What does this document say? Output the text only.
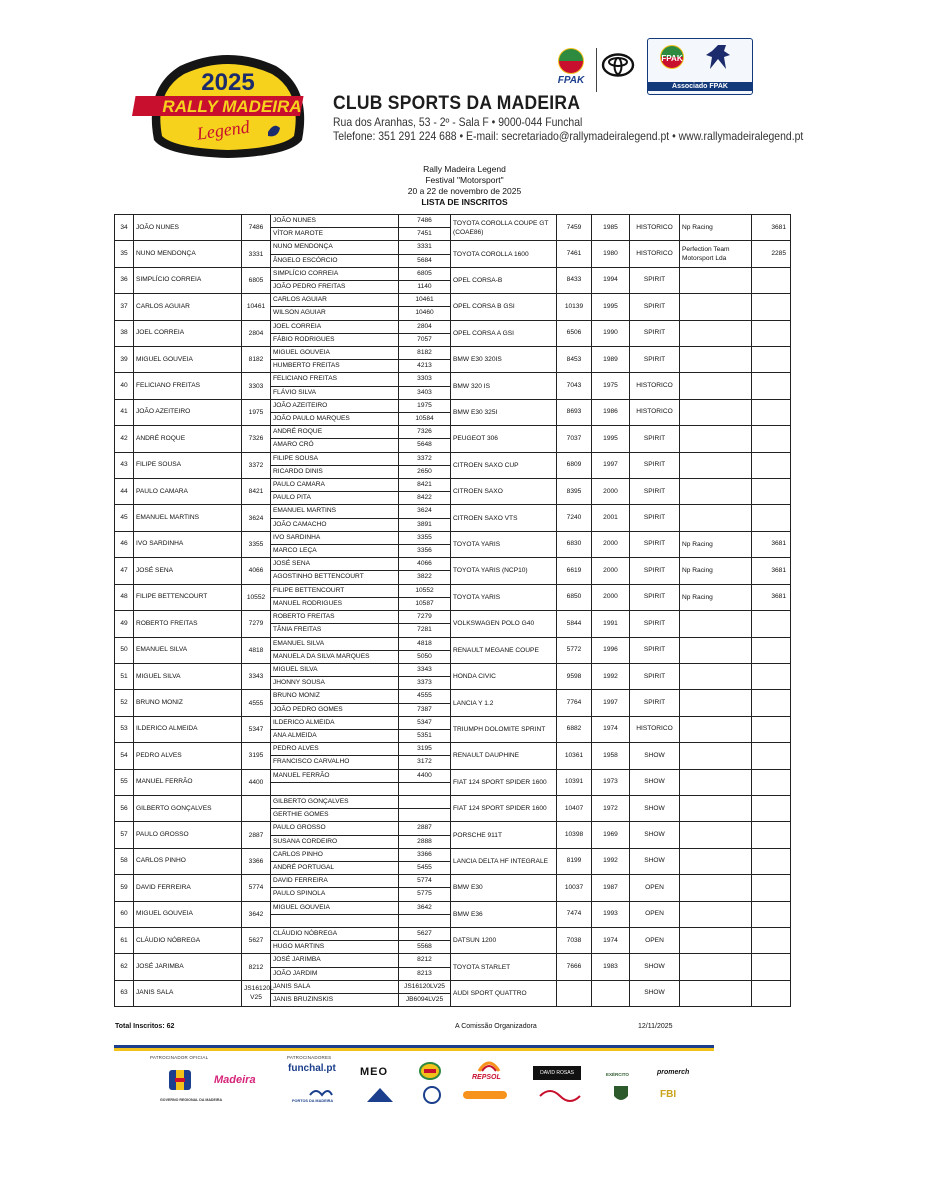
2025
RALLY MADEIRA
Legend
CLUB SPORTS DA MADEIRA
Rua dos Aranhas, 53 - 2º - Sala F • 9000-044 Funchal
Telefone: 351 291 224 688 • E-mail: secretariado@rallymadeiralegend.pt • www.rallymadeiralegend.pt
FPAK
FPAK
Associado FPAK
Rally Madeira Legend
Festival "Motorsport"
20 a 22 de novembro de 2025
LISTA DE INSCRITOS
34	JOÃO NUNES	7486	JOÃO NUNES	7486	TOYOTA COROLLA COUPE GT (COAE86)	7459	1985	HISTORICO	Np Racing	3681
			VÍTOR MAROTE	7451						
35	NUNO MENDONÇA	3331	NUNO MENDONÇA	3331	TOYOTA COROLLA 1600	7461	1980	HISTORICO	Perfection Team Motorsport Lda	2285
			ÂNGELO ESCÓRCIO	5684						
36	SIMPLÍCIO CORREIA	6805	SIMPLÍCIO CORREIA	6805	OPEL CORSA-B	8433	1994	SPIRIT		
			JOÃO PEDRO FREITAS	1140						
37	CARLOS AGUIAR	10461	CARLOS AGUIAR	10461	OPEL CORSA B GSI	10139	1995	SPIRIT		
			WILSON AGUIAR	10460						
38	JOEL CORREIA	2804	JOEL CORREIA	2804	OPEL CORSA A GSI	6506	1990	SPIRIT		
			FÁBIO RODRIGUES	7057						
39	MIGUEL GOUVEIA	8182	MIGUEL GOUVEIA	8182	BMW E30 320IS	8453	1989	SPIRIT		
			HUMBERTO FREITAS	4213						
40	FELICIANO FREITAS	3303	FELICIANO FREITAS	3303	BMW 320 IS	7043	1975	HISTORICO		
			FLÁVIO SILVA	3403						
41	JOÃO AZEITEIRO	1975	JOÃO AZEITEIRO	1975	BMW E30 325I	8693	1986	HISTORICO		
			JOÃO PAULO MARQUES	10584						
42	ANDRÉ ROQUE	7326	ANDRÉ ROQUE	7326	PEUGEOT 306	7037	1995	SPIRIT		
			AMARO CRÓ	5648						
43	FILIPE SOUSA	3372	FILIPE SOUSA	3372	CITROEN SAXO CUP	6809	1997	SPIRIT		
			RICARDO DINIS	2650						
44	PAULO CAMARA	8421	PAULO CAMARA	8421	CITROEN SAXO	8395	2000	SPIRIT		
			PAULO PITA	8422						
45	EMANUEL MARTINS	3624	EMANUEL MARTINS	3624	CITROEN SAXO VTS	7240	2001	SPIRIT		
			JOÃO CAMACHO	3891						
46	IVO SARDINHA	3355	IVO SARDINHA	3355	TOYOTA YARIS	6830	2000	SPIRIT	Np Racing	3681
			MARCO LEÇA	3356						
47	JOSÉ SENA	4066	JOSÉ SENA	4066	TOYOTA YARIS (NCP10)	6619	2000	SPIRIT	Np Racing	3681
			AGOSTINHO BETTENCOURT	3822						
48	FILIPE BETTENCOURT	10552	FILIPE BETTENCOURT	10552	TOYOTA YARIS	6850	2000	SPIRIT	Np Racing	3681
			MANUEL RODRIGUES	10587						
49	ROBERTO FREITAS	7279	ROBERTO FREITAS	7279	VOLKSWAGEN POLO G40	5844	1991	SPIRIT		
			TÂNIA FREITAS	7281						
50	EMANUEL SILVA	4818	EMANUEL SILVA	4818	RENAULT MEGANE COUPE	5772	1996	SPIRIT		
			MANUELA DA SILVA MARQUES	5050						
51	MIGUEL SILVA	3343	MIGUEL SILVA	3343	HONDA CIVIC	9598	1992	SPIRIT		
			JHONNY SOUSA	3373						
52	BRUNO MONIZ	4555	BRUNO MONIZ	4555	LANCIA Y 1.2	7764	1997	SPIRIT		
			JOÃO PEDRO GOMES	7387						
53	ILDERICO ALMEIDA	5347	ILDERICO ALMEIDA	5347	TRIUMPH DOLOMITE SPRINT	6882	1974	HISTORICO		
			ANA ALMEIDA	5351						
54	PEDRO ALVES	3195	PEDRO ALVES	3195	RENAULT DAUPHINE	10361	1958	SHOW		
			FRANCISCO CARVALHO	3172						
55	MANUEL FERRÃO	4400	MANUEL FERRÃO	4400	FIAT 124 SPORT SPIDER 1600	10391	1973	SHOW		

56	GILBERTO GONÇALVES		GILBERTO GONÇALVES		FIAT 124 SPORT SPIDER 1600	10407	1972	SHOW		
			GERTHIE GOMES							
57	PAULO GROSSO	2887	PAULO GROSSO	2887	PORSCHE 911T	10398	1969	SHOW		
			SUSANA CORDEIRO	2888						
58	CARLOS PINHO	3366	CARLOS PINHO	3366	LANCIA DELTA HF INTEGRALE	8199	1992	SHOW		
			ANDRÉ PORTUGAL	5455						
59	DAVID FERREIRA	5774	DAVID FERREIRA	5774	BMW E30	10037	1987	OPEN		
			PAULO SPINOLA	5775						
60	MIGUEL GOUVEIA	3642	MIGUEL GOUVEIA	3642	BMW E36	7474	1993	OPEN		

61	CLÁUDIO NÓBREGA	5627	CLÁUDIO NÓBREGA	5627	DATSUN 1200	7038	1974	OPEN		
			HUGO MARTINS	5568						
62	JOSÉ JARIMBA	8212	JOSÉ JARIMBA	8212	TOYOTA STARLET	7666	1983	SHOW		
			JOÃO JARDIM	8213						
63	JANIS SALA	JS16120L V25	JANIS SALA	JS16120LV25	AUDI SPORT QUATTRO			SHOW		
			JANIS BRUZINSKIS	JB6094LV25						
Total Inscritos: 62	A Comissão Organizadora	12/11/2025
PATROCINADOR OFICIAL	PATROCINADORES
GOVERNO REGIONAL DA MADEIRA
Madeira
funchal.pt MEO	REPSOL
DAVID ROSAS	EXÉRCITO	promerch
PORTOS DA MADEIRA
FBI
